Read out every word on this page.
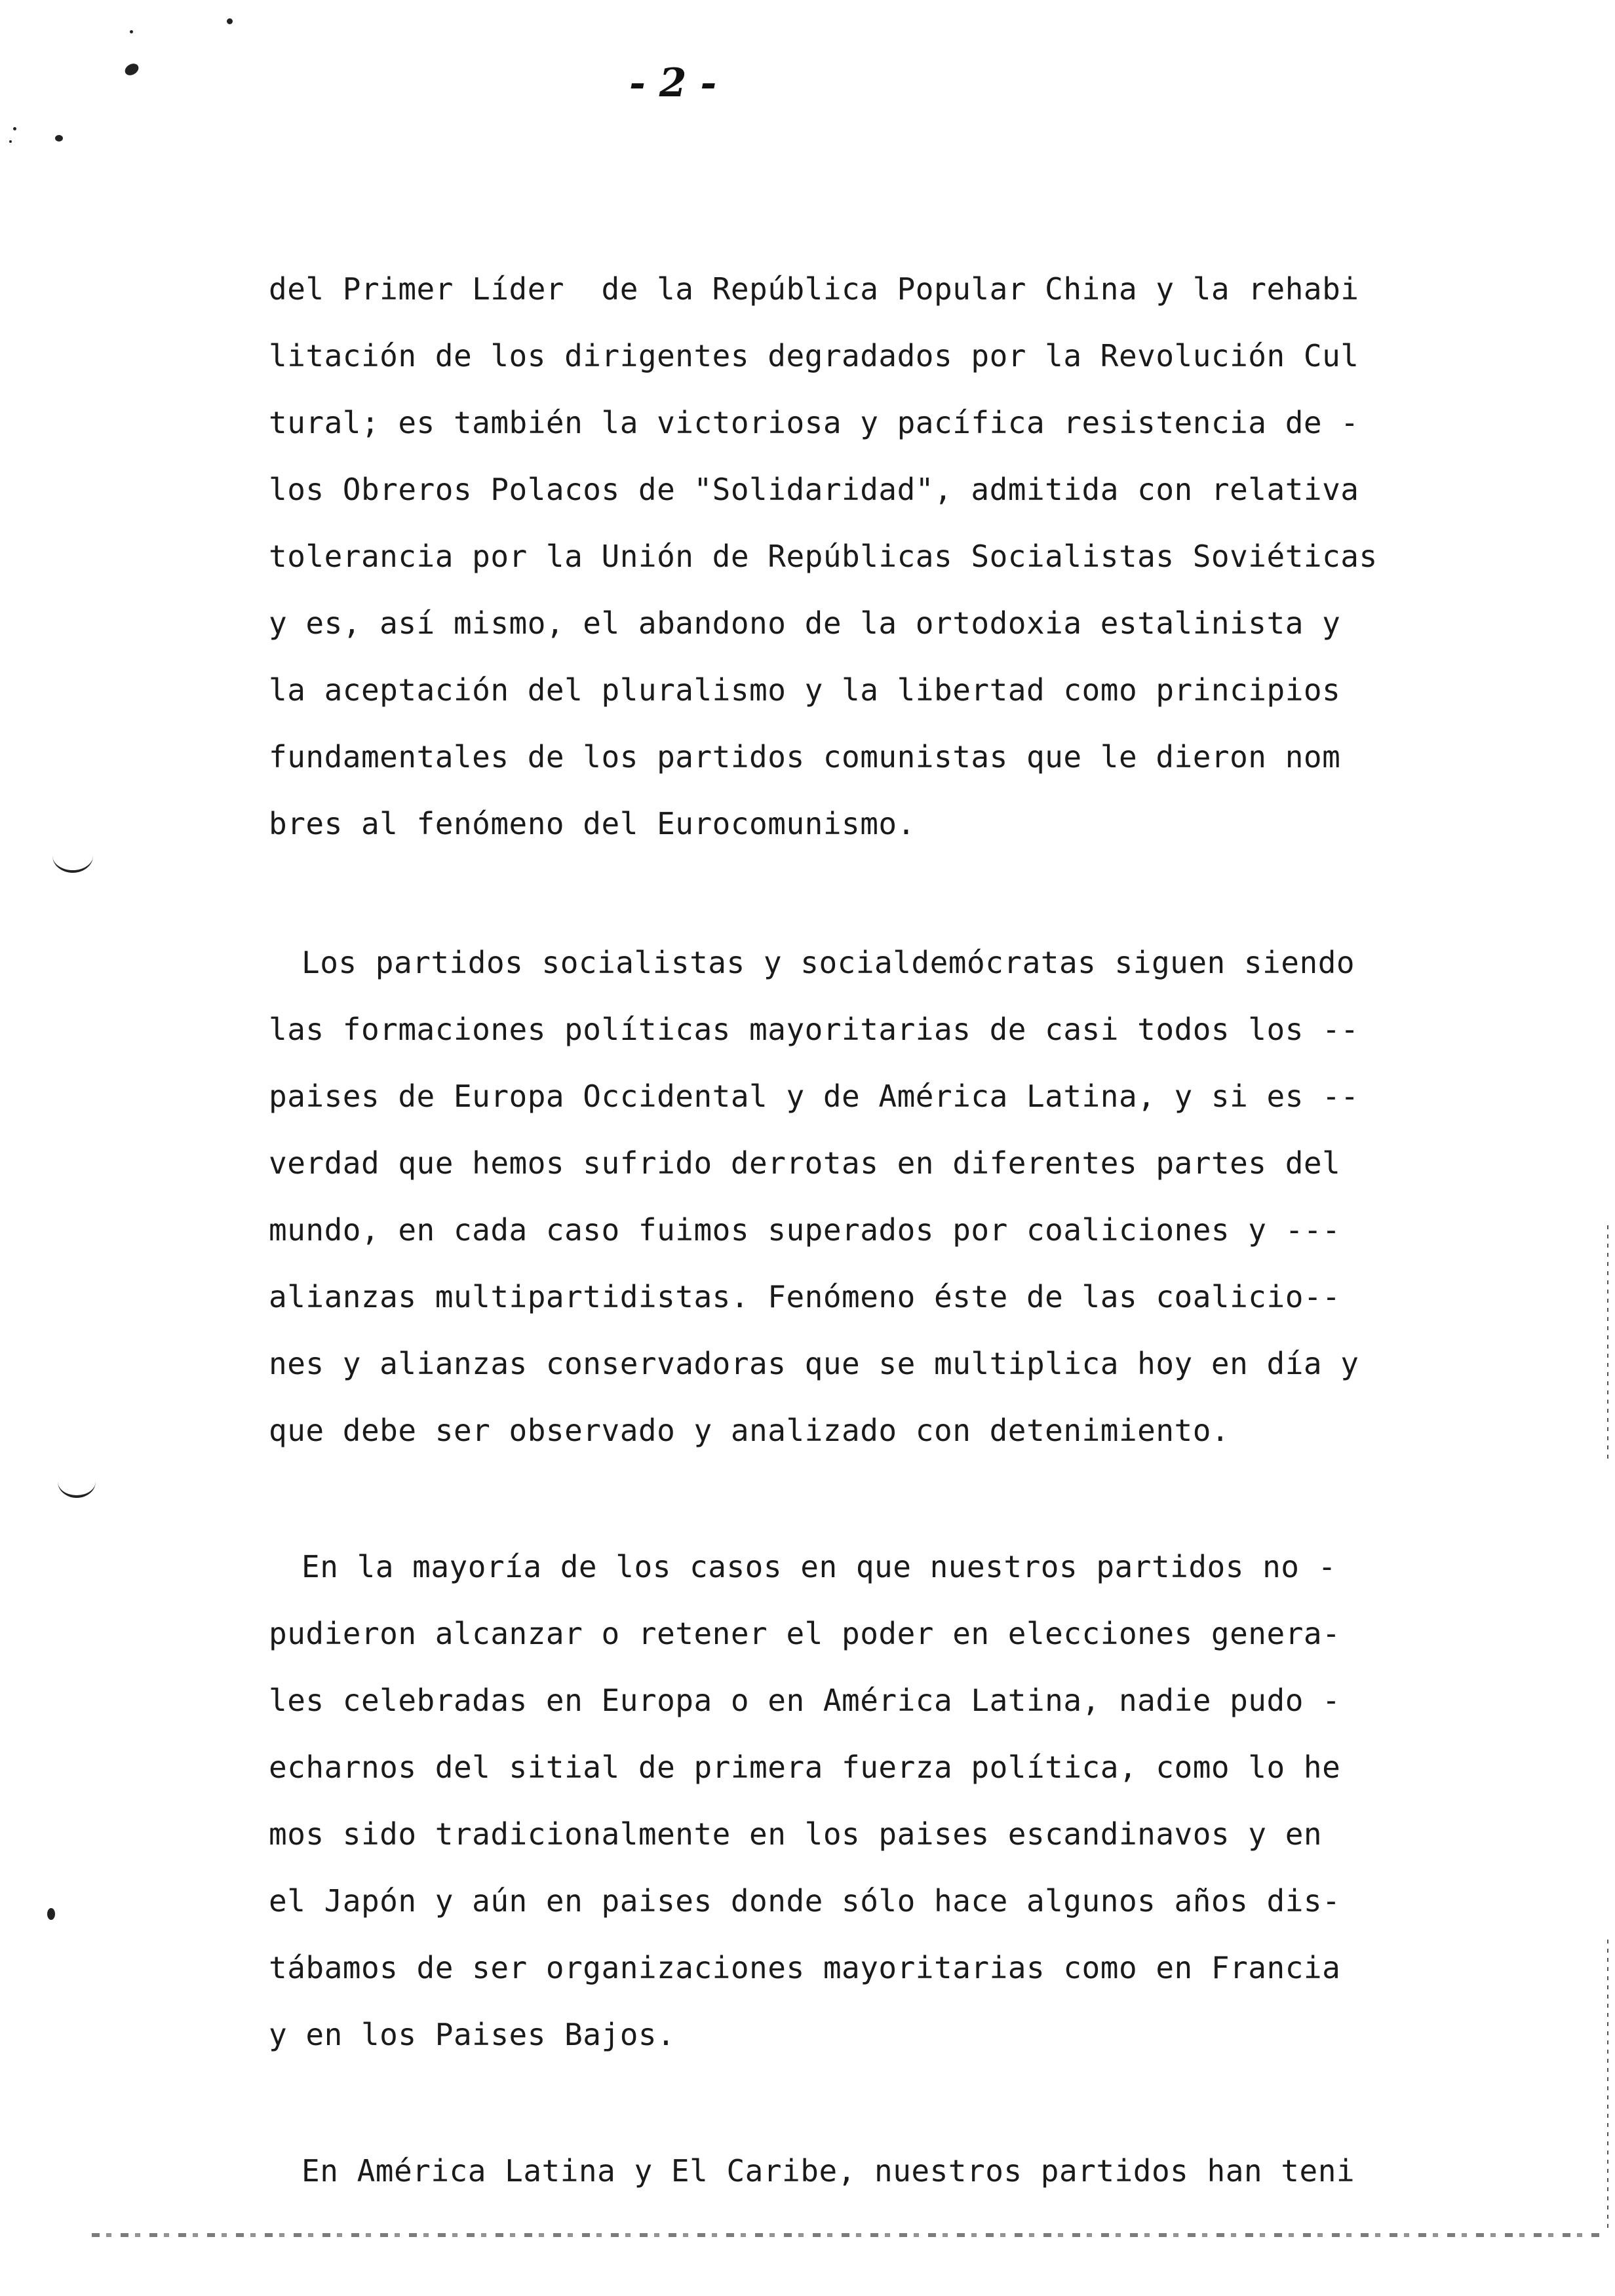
- 2 -
del Primer Líder  de la República Popular China y la rehabi
litación de los dirigentes degradados por la Revolución Cul
tural; es también la victoriosa y pacífica resistencia de -
los Obreros Polacos de "Solidaridad", admitida con relativa
tolerancia por la Unión de Repúblicas Socialistas Soviéticas
y es, así mismo, el abandono de la ortodoxia estalinista y
la aceptación del pluralismo y la libertad como principios
fundamentales de los partidos comunistas que le dieron nom
bres al fenómeno del Eurocomunismo.
Los partidos socialistas y socialdemócratas siguen siendo
las formaciones políticas mayoritarias de casi todos los --
paises de Europa Occidental y de América Latina, y si es --
verdad que hemos sufrido derrotas en diferentes partes del
mundo, en cada caso fuimos superados por coaliciones y ---
alianzas multipartidistas. Fenómeno éste de las coalicio--
nes y alianzas conservadoras que se multiplica hoy en día y
que debe ser observado y analizado con detenimiento.
En la mayoría de los casos en que nuestros partidos no -
pudieron alcanzar o retener el poder en elecciones genera-
les celebradas en Europa o en América Latina, nadie pudo -
echarnos del sitial de primera fuerza política, como lo he
mos sido tradicionalmente en los paises escandinavos y en
el Japón y aún en paises donde sólo hace algunos años dis-
tábamos de ser organizaciones mayoritarias como en Francia
y en los Paises Bajos.
En América Latina y El Caribe, nuestros partidos han teni
